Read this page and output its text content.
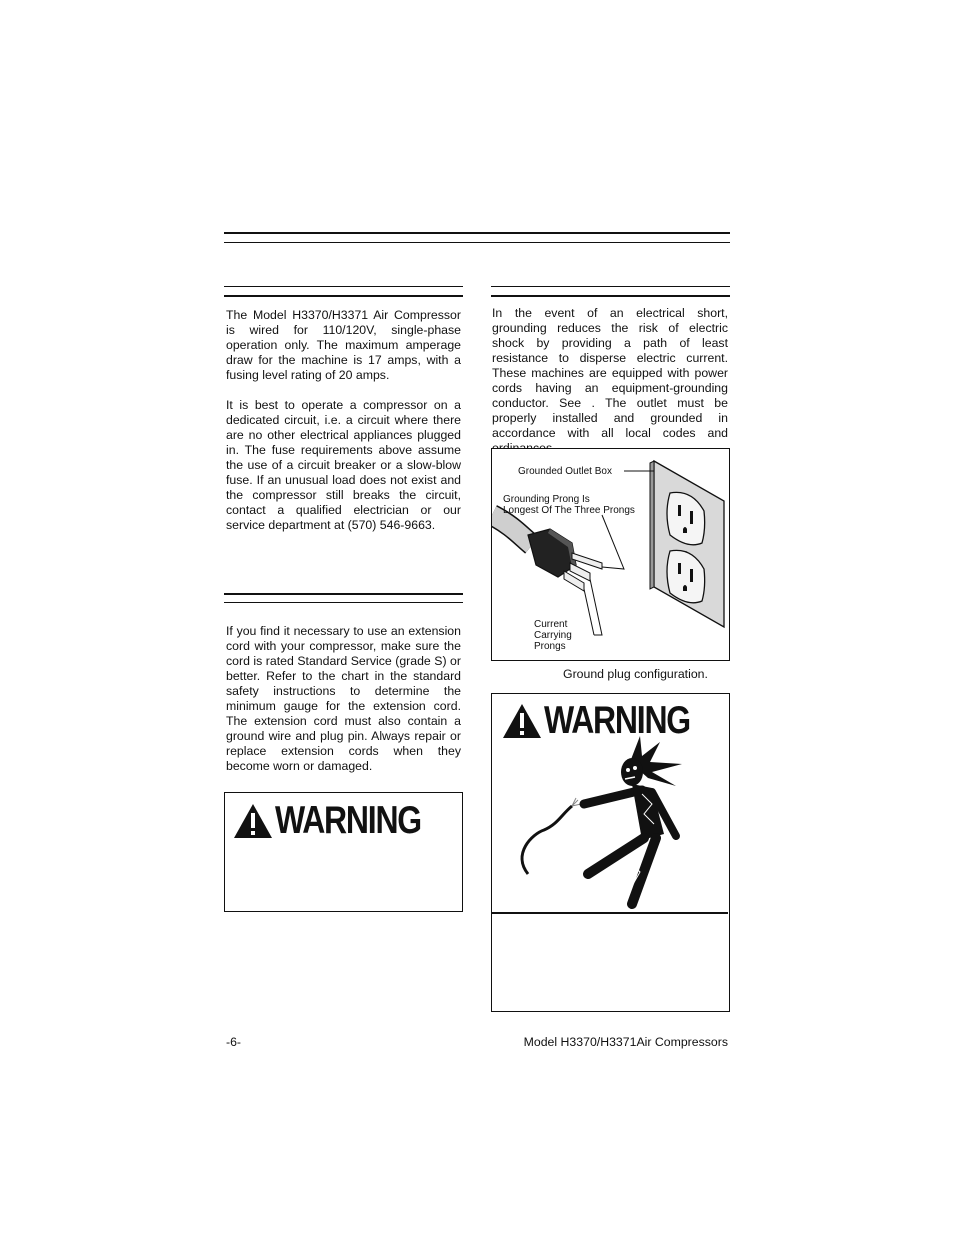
The Model H3370/H3371 Air Compressor is wired for 110/120V, single-phase operation only. The maximum amperage draw for the machine is 17 amps, with a fusing level rating of 20 amps.

It is best to operate a compressor on a dedicated circuit, i.e. a circuit where there are no other electrical appliances plugged in. The fuse requirements above assume the use of a circuit breaker or a slow-blow fuse. If an unusual load does not exist and the compressor still breaks the circuit, contact a qualified electrician or our service department at (570) 546-9663.

If you find it necessary to use an extension cord with your compressor, make sure the cord is rated Standard Service (grade S) or better. Refer to the chart in the standard safety instructions to determine the minimum gauge for the extension cord. The extension cord must also contain a ground wire and plug pin. Always repair or replace extension cords when they become worn or damaged.

WARNING

In the event of an electrical short, grounding reduces the risk of electric shock by providing a path of least resistance to disperse electric current. These machines are equipped with power cords having an equipment-grounding conductor. See . The outlet must be properly installed and grounded in accordance with all local codes and

Grounded Outlet Box
Grounding Prong Is
Longest Of The Three Prongs
Current
Carrying
Prongs
Ground plug configuration.
WARNING
-6-	Model H3370/H3371Air Compressors
